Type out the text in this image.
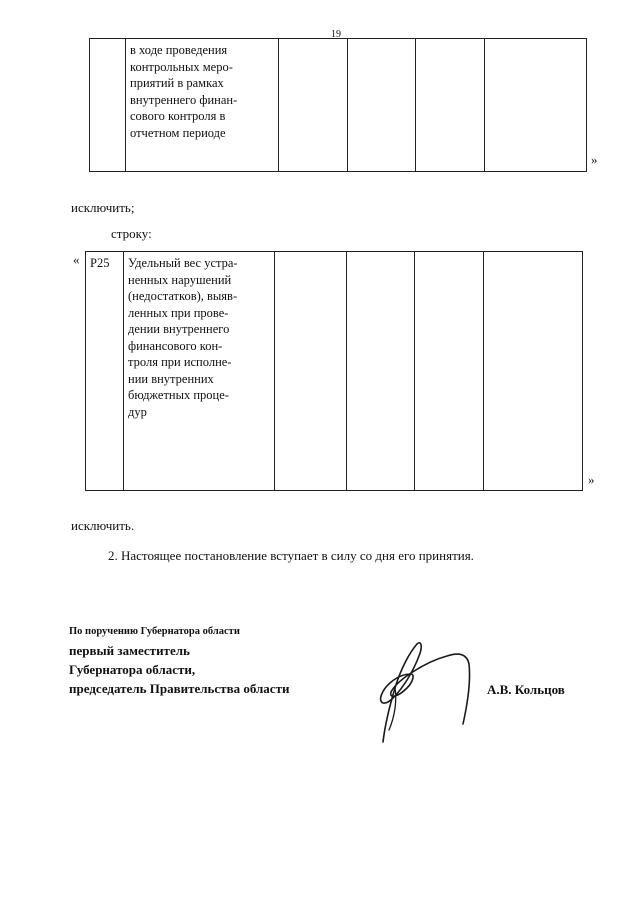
19

в ходе проведения
контрольных меро-
приятий в рамках
внутреннего финан-
сового контроля в
отчетном периоде

»
исключить;
строку:
« Р25	Удельный вес устра-
ненных нарушений
(недостатков), выяв-
ленных при прове-
дении внутреннего
финансового кон-
троля при исполне-
нии внутренних
бюджетных проце-
дур

»
исключить.
2. Настоящее постановление вступает в силу со дня его принятия.
По поручению Губернатора области
первый заместитель
Губернатора области,
председатель Правительства области	А.В. Кольцов
